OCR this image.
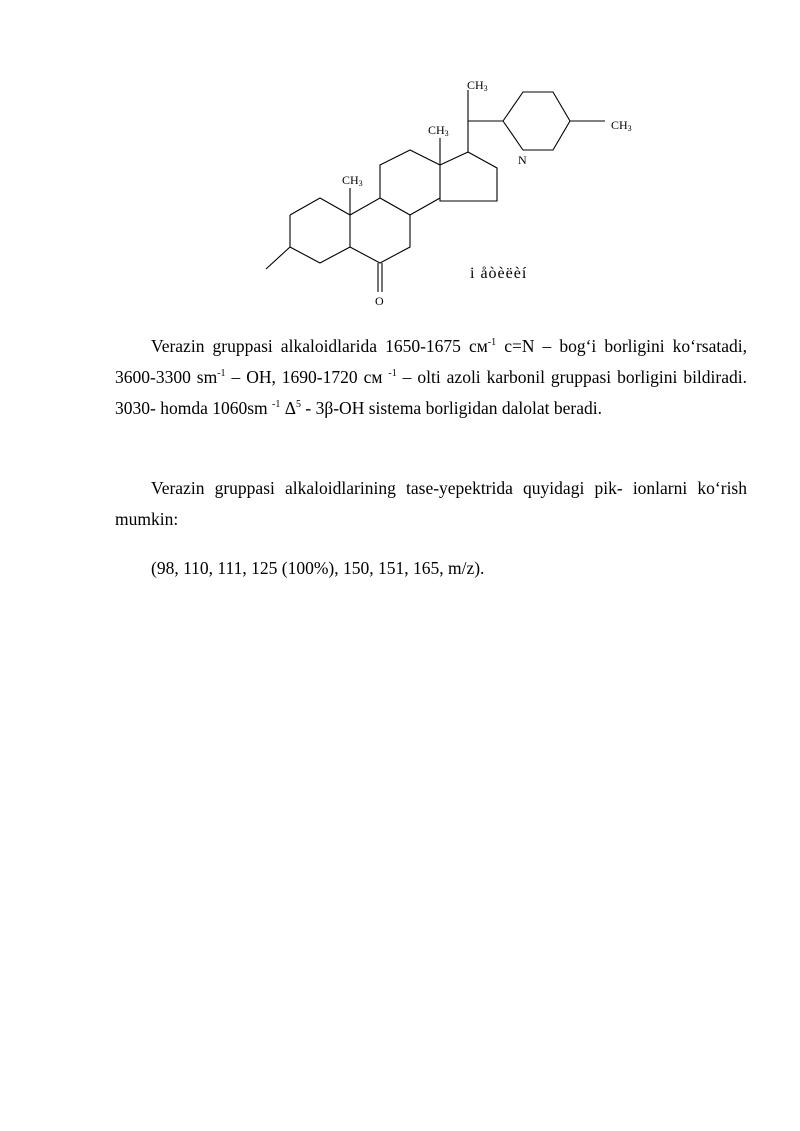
$CH_3$
$CH_3$
$CH_3$
$CH_3$
N
O
i åòèëèí

Verazin gruppasi alkaloidlarida 1650-1675 $см^{-1}$ c=N – bog‘i borligini ko‘rsatadi, 3600-3300 $sm^{-1}$ – OH, 1690-1720 см $^{-1}$ – olti azoli karbonil gruppasi borligini bildiradi. 3030- homda 1060sm $^{-1}$ $\Delta^5 - 3\beta-OH$ sistema borligidan dalolat beradi.

Verazin gruppasi alkaloidlarining tase-yepektrida quyidagi pik- ionlarni ko‘rish mumkin:

(98, 110, 111, 125 (100%), 150, 151, 165, m/z).
